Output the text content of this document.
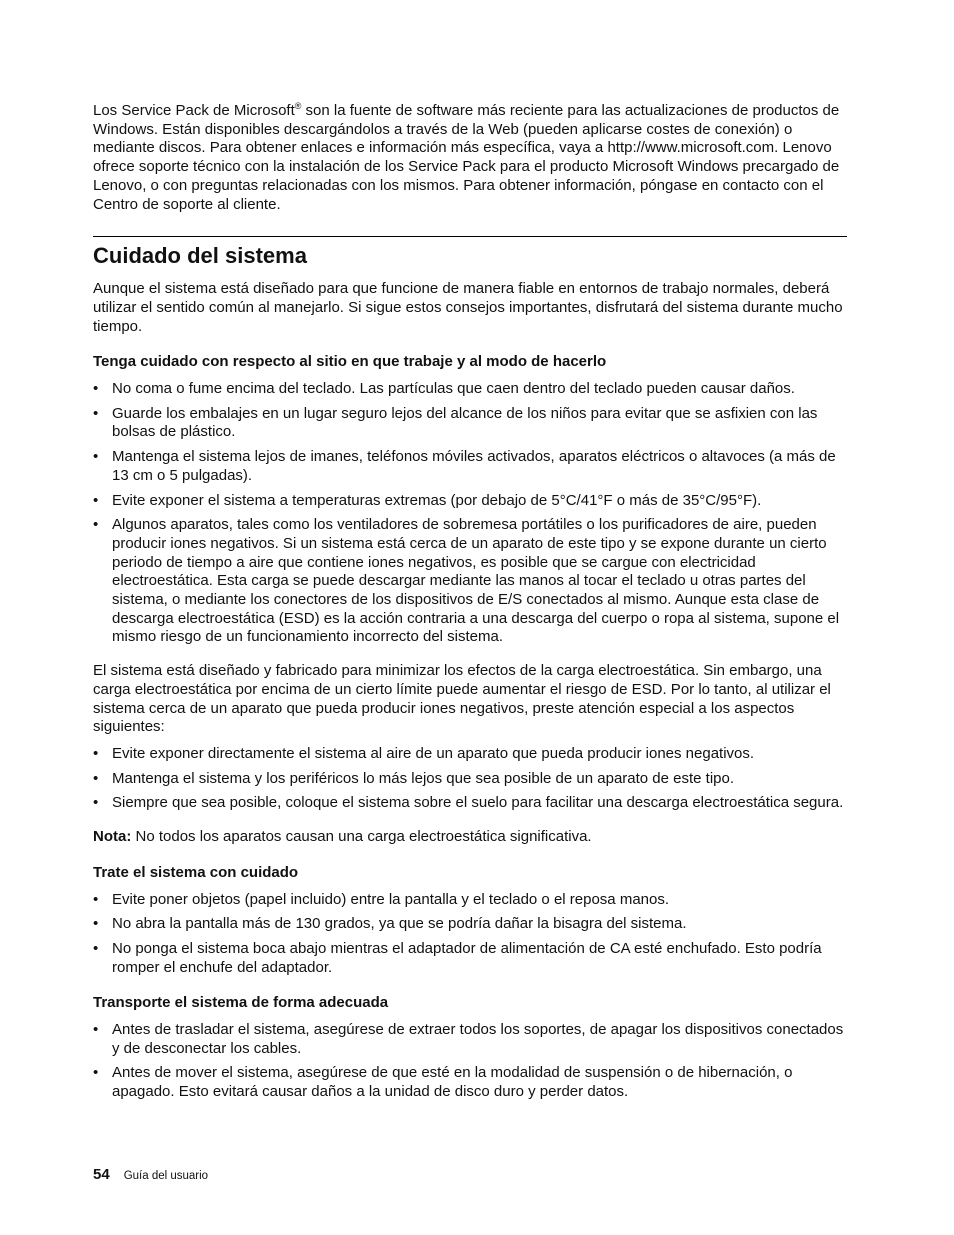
Los Service Pack de Microsoft® son la fuente de software más reciente para las actualizaciones de productos de Windows. Están disponibles descargándolos a través de la Web (pueden aplicarse costes de conexión) o mediante discos. Para obtener enlaces e información más específica, vaya a http://www.microsoft.com. Lenovo ofrece soporte técnico con la instalación de los Service Pack para el producto Microsoft Windows precargado de Lenovo, o con preguntas relacionadas con los mismos. Para obtener información, póngase en contacto con el Centro de soporte al cliente.

Cuidado del sistema

Aunque el sistema está diseñado para que funcione de manera fiable en entornos de trabajo normales, deberá utilizar el sentido común al manejarlo. Si sigue estos consejos importantes, disfrutará del sistema durante mucho tiempo.

Tenga cuidado con respecto al sitio en que trabaje y al modo de hacerlo
• No coma o fume encima del teclado. Las partículas que caen dentro del teclado pueden causar daños.
• Guarde los embalajes en un lugar seguro lejos del alcance de los niños para evitar que se asfixien con las bolsas de plástico.
• Mantenga el sistema lejos de imanes, teléfonos móviles activados, aparatos eléctricos o altavoces (a más de 13 cm o 5 pulgadas).
• Evite exponer el sistema a temperaturas extremas (por debajo de 5°C/41°F o más de 35°C/95°F).
• Algunos aparatos, tales como los ventiladores de sobremesa portátiles o los purificadores de aire, pueden producir iones negativos. Si un sistema está cerca de un aparato de este tipo y se expone durante un cierto periodo de tiempo a aire que contiene iones negativos, es posible que se cargue con electricidad electroestática. Esta carga se puede descargar mediante las manos al tocar el teclado u otras partes del sistema, o mediante los conectores de los dispositivos de E/S conectados al mismo. Aunque esta clase de descarga electroestática (ESD) es la acción contraria a una descarga del cuerpo o ropa al sistema, supone el mismo riesgo de un funcionamiento incorrecto del sistema.

El sistema está diseñado y fabricado para minimizar los efectos de la carga electroestática. Sin embargo, una carga electroestática por encima de un cierto límite puede aumentar el riesgo de ESD. Por lo tanto, al utilizar el sistema cerca de un aparato que pueda producir iones negativos, preste atención especial a los aspectos siguientes:

• Evite exponer directamente el sistema al aire de un aparato que pueda producir iones negativos.
• Mantenga el sistema y los periféricos lo más lejos que sea posible de un aparato de este tipo.
• Siempre que sea posible, coloque el sistema sobre el suelo para facilitar una descarga electroestática segura.

Nota: No todos los aparatos causan una carga electroestática significativa.

Trate el sistema con cuidado
• Evite poner objetos (papel incluido) entre la pantalla y el teclado o el reposa manos.
• No abra la pantalla más de 130 grados, ya que se podría dañar la bisagra del sistema.
• No ponga el sistema boca abajo mientras el adaptador de alimentación de CA esté enchufado. Esto podría romper el enchufe del adaptador.
Transporte el sistema de forma adecuada
• Antes de trasladar el sistema, asegúrese de extraer todos los soportes, de apagar los dispositivos conectados y de desconectar los cables.
• Antes de mover el sistema, asegúrese de que esté en la modalidad de suspensión o de hibernación, o apagado. Esto evitará causar daños a la unidad de disco duro y perder datos.
54 Guía del usuario
